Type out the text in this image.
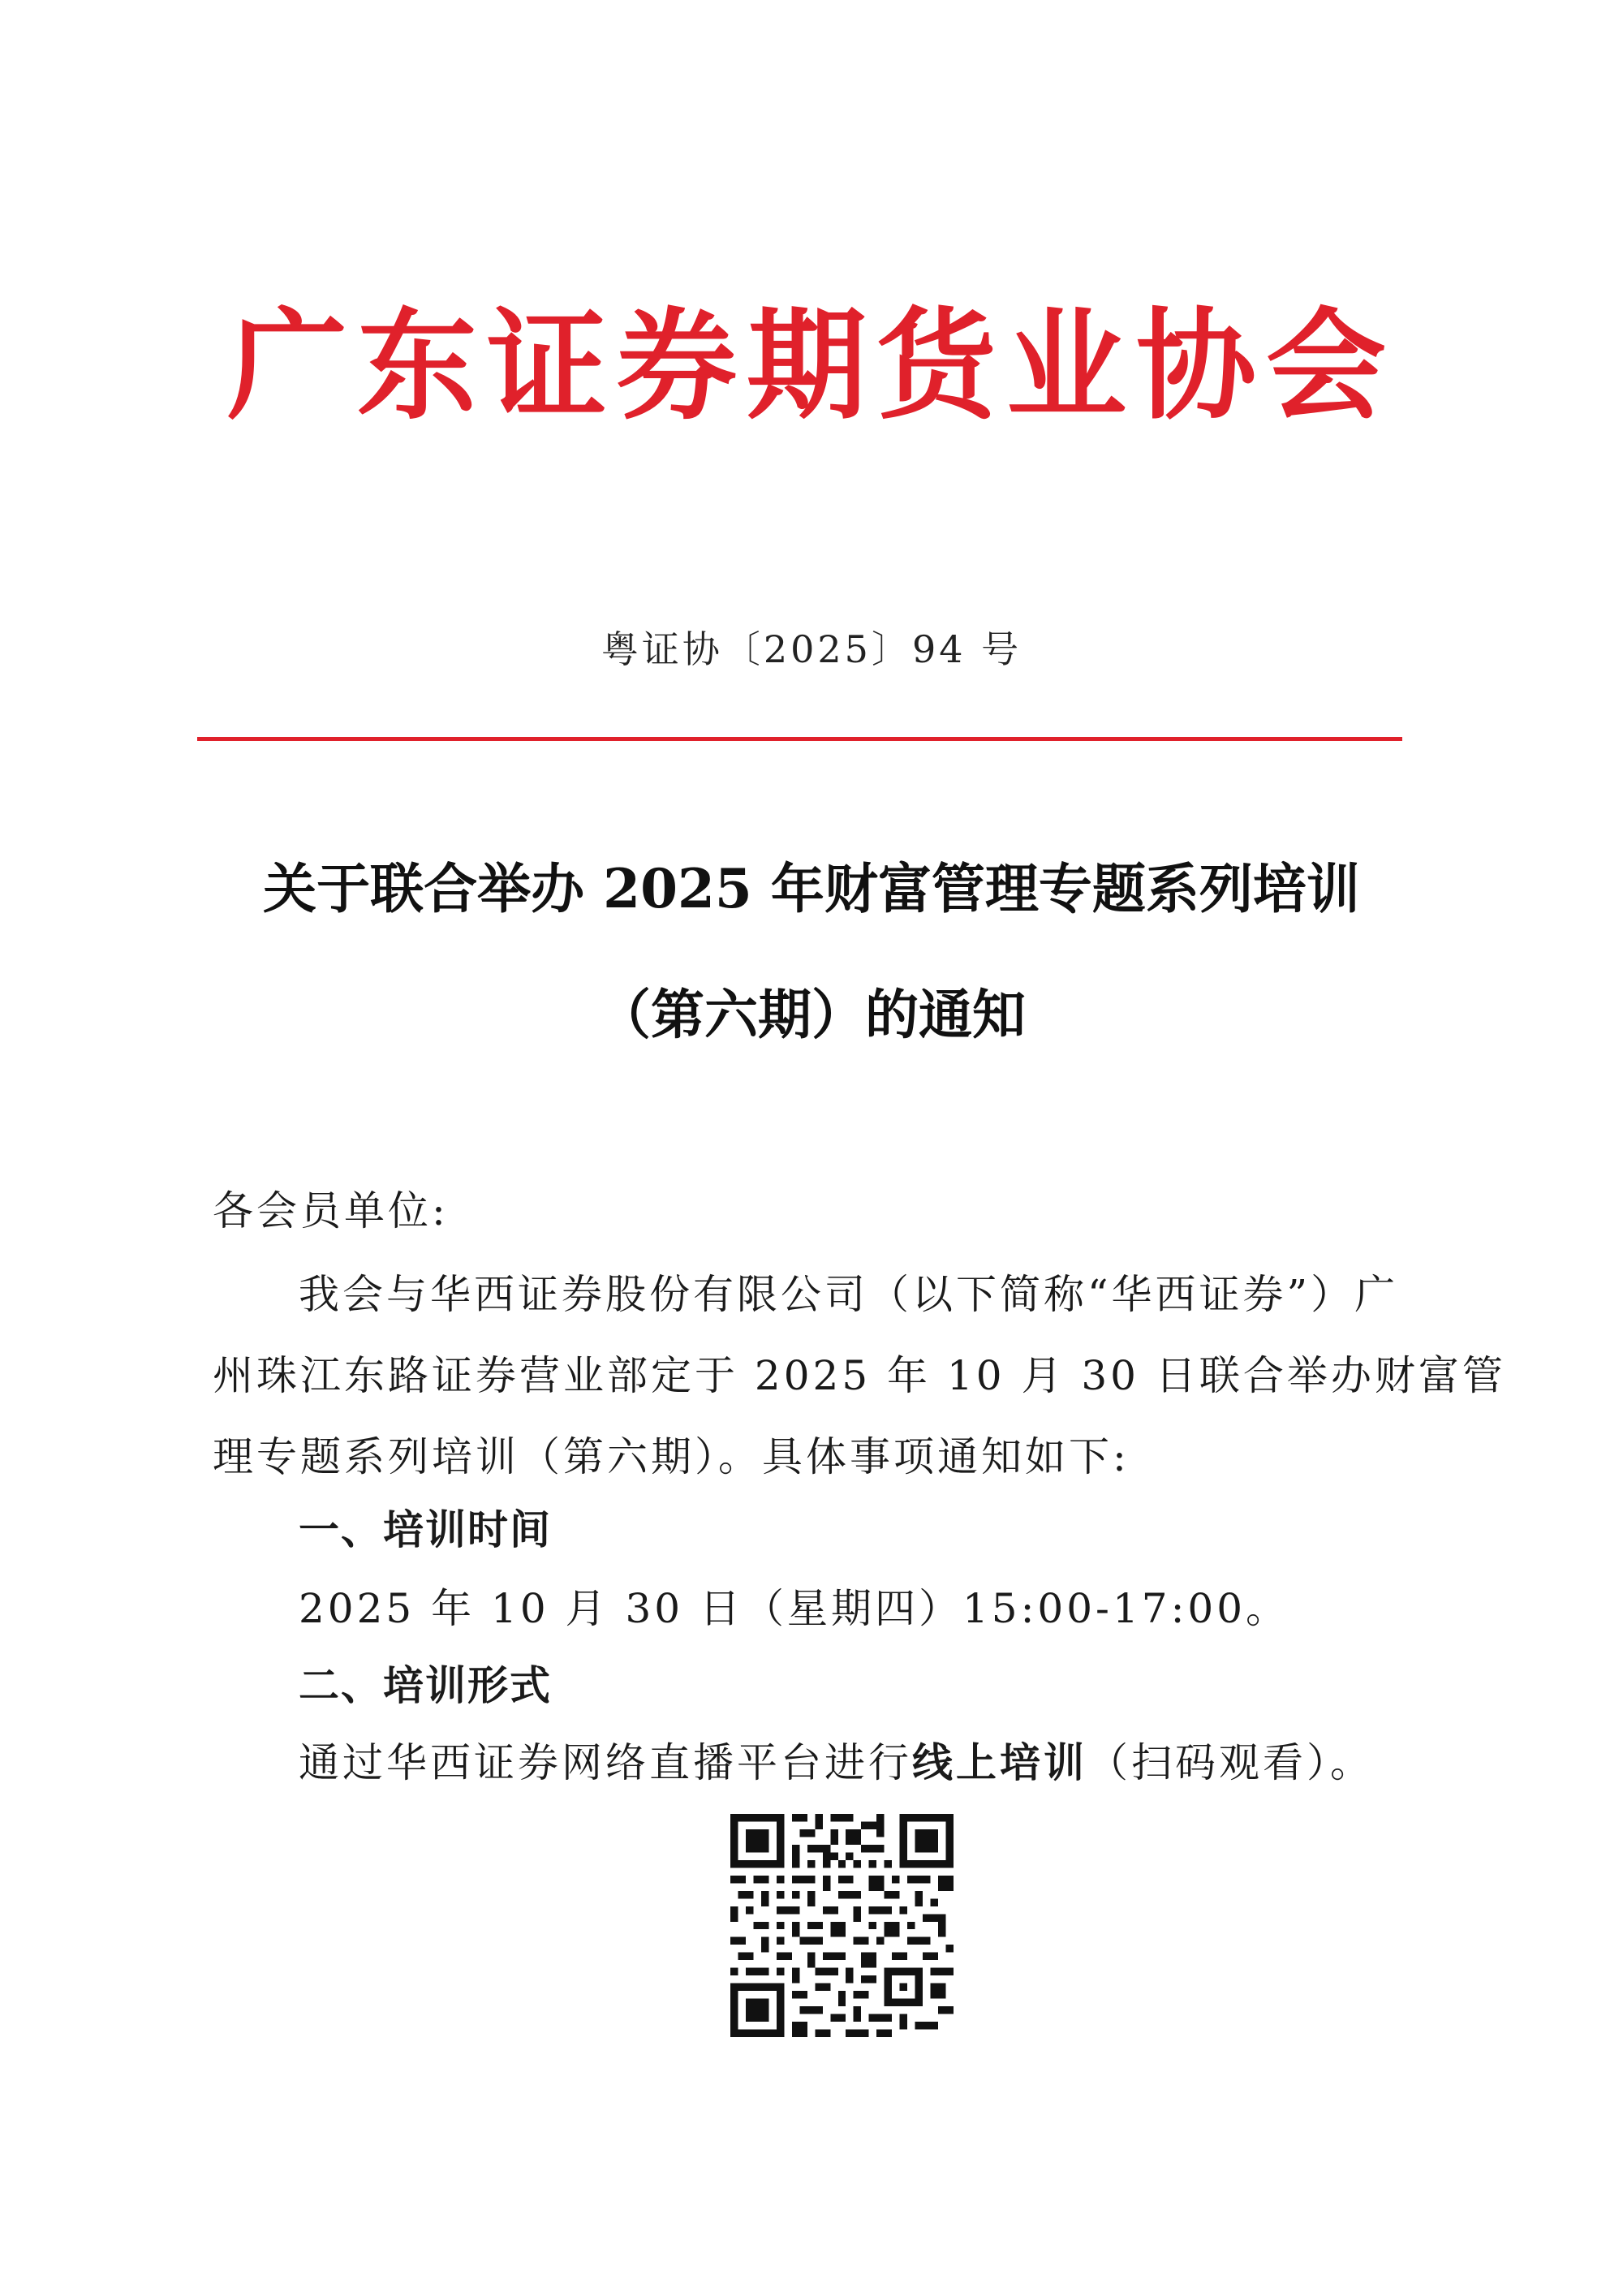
广东证券期货业协会
粤证协〔2025〕94 号
关于联合举办 2025 年财富管理专题系列培训
（第六期）的通知
各会员单位:
我会与华西证券股份有限公司（以下简称“华西证券”）广
州珠江东路证券营业部定于 2025 年 10 月 30 日联合举办财富管
理专题系列培训（第六期）。具体事项通知如下:
一、培训时间
2025 年 10 月 30 日（星期四）15:00-17:00。
二、培训形式
通过华西证券网络直播平台进行线上培训（扫码观看）。
